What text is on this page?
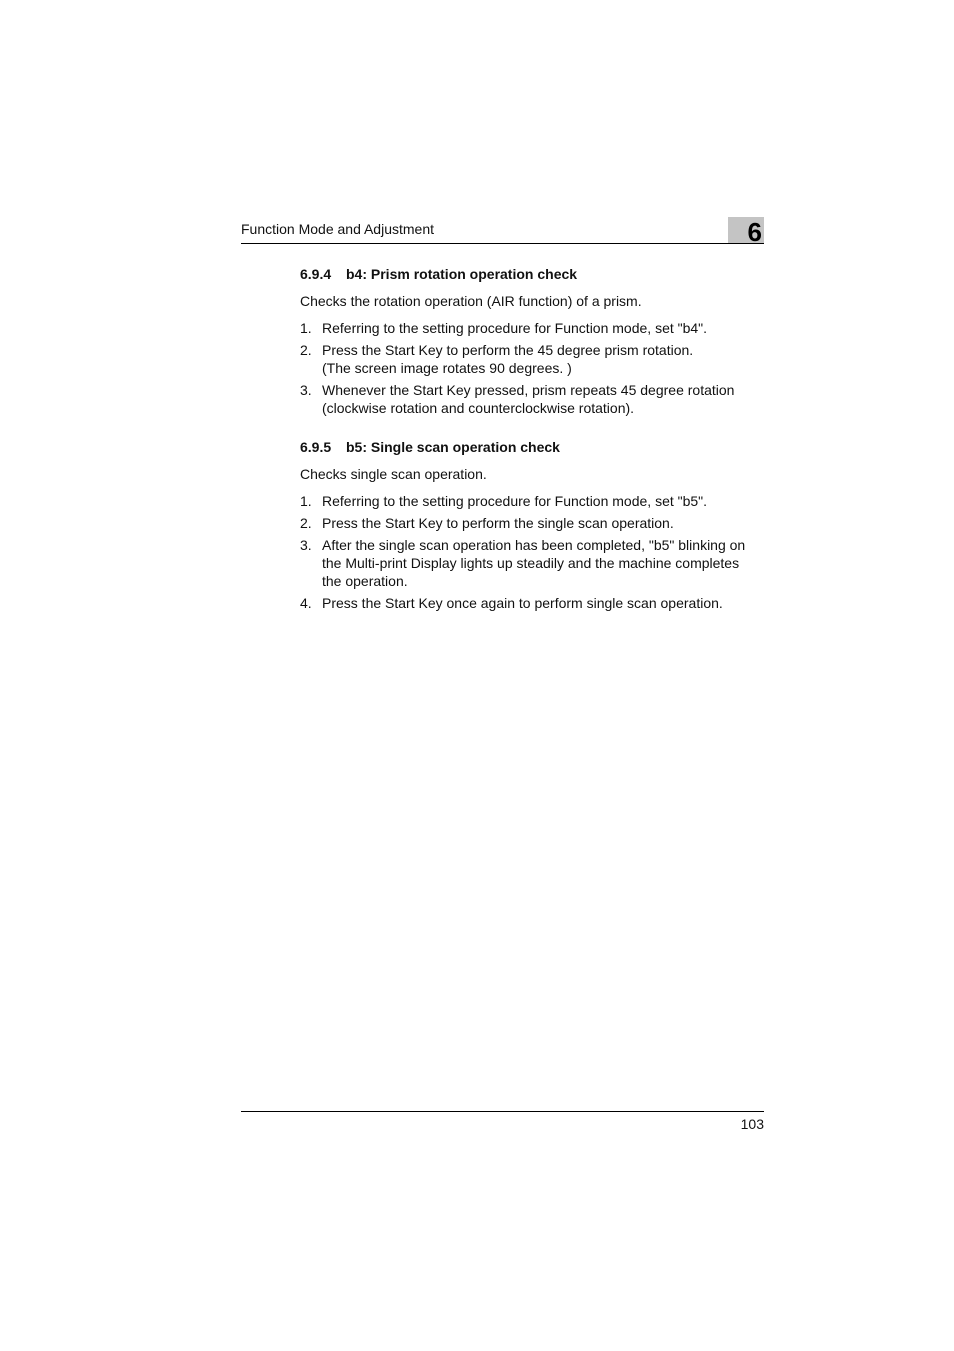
Function Mode and Adjustment	6
6.9.4 b4: Prism rotation operation check

Checks the rotation operation (AIR function) of a prism.

1. Referring to the setting procedure for Function mode, set "b4".
2. Press the Start Key to perform the 45 degree prism rotation.
(The screen image rotates 90 degrees. )
3. Whenever the Start Key pressed, prism repeats 45 degree rotation
(clockwise rotation and counterclockwise rotation).
6.9.5 b5: Single scan operation check

Checks single scan operation.

1. Referring to the setting procedure for Function mode, set "b5".
2. Press the Start Key to perform the single scan operation.
3. After the single scan operation has been completed, "b5" blinking on
the Multi-print Display lights up steadily and the machine completes
the operation.
4. Press the Start Key once again to perform single scan operation.
103
